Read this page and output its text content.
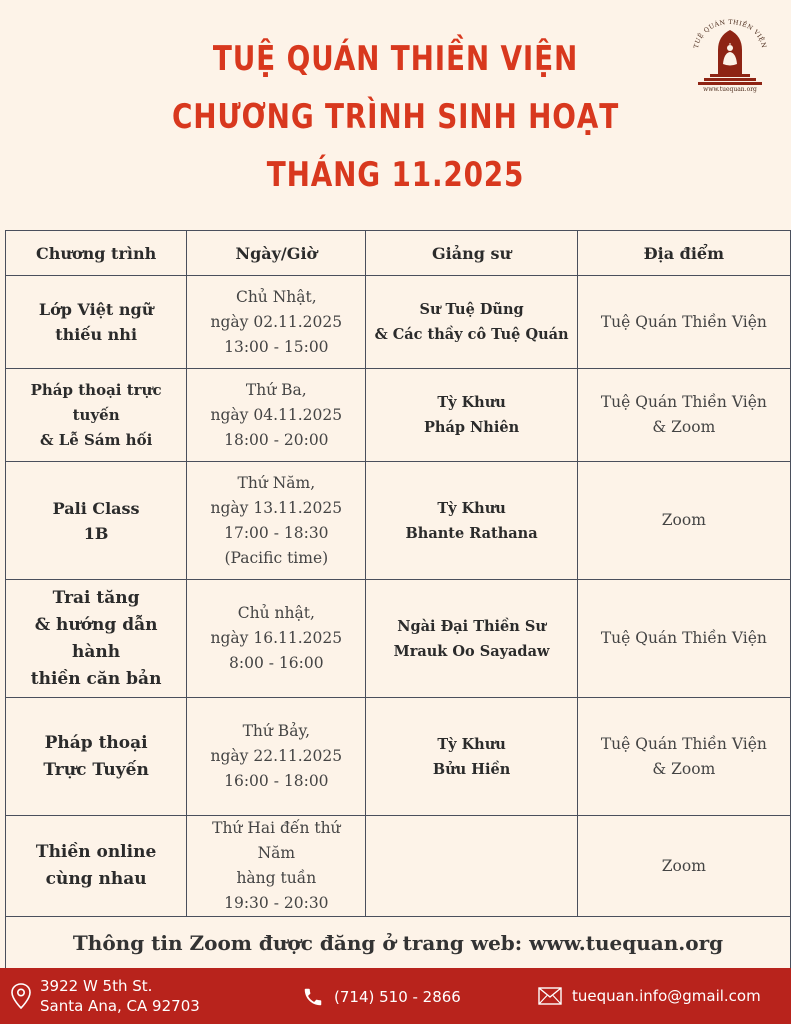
TUỆ QUÁN THIỀN VIỆN
CHƯƠNG TRÌNH SINH HOẠT
THÁNG 11.2025
TUỆ QUÁN THIỀN VIỆN
www.tuequan.org
Chương trình	Ngày/Giờ	Giảng sư	Địa điểm

Lớp Việt ngữ
thiếu nhi	Chủ Nhật,
ngày 02.11.2025
13:00 - 15:00	Sư Tuệ Dũng
& Các thầy cô Tuệ Quán	Tuệ Quán Thiền Viện

Pháp thoại trực tuyến
& Lễ Sám hối	Thứ Ba,
ngày 04.11.2025
18:00 - 20:00	Tỳ Khưu
Pháp Nhiên	Tuệ Quán Thiền Viện
& Zoom

Pali Class
1B	Thứ Năm,
ngày 13.11.2025
17:00 - 18:30
(Pacific time)	Tỳ Khưu
Bhante Rathana	Zoom

Trai tăng
& hướng dẫn hành
thiền căn bản	Chủ nhật,
ngày 16.11.2025
8:00 - 16:00	Ngài Đại Thiền Sư
Mrauk Oo Sayadaw	Tuệ Quán Thiền Viện

Pháp thoại
Trực Tuyến	Thứ Bảy,
ngày 22.11.2025
16:00 - 18:00	Tỳ Khưu
Bửu Hiền	Tuệ Quán Thiền Viện
& Zoom

Thiền online
cùng nhau	Thứ Hai đến thứ Năm
hàng tuần
19:30 - 20:30		Zoom

Thông tin Zoom được đăng ở trang web: www.tuequan.org			
3922 W 5th St.
Santa Ana, CA 92703	(714) 510 - 2866	tuequan.info@gmail.com
